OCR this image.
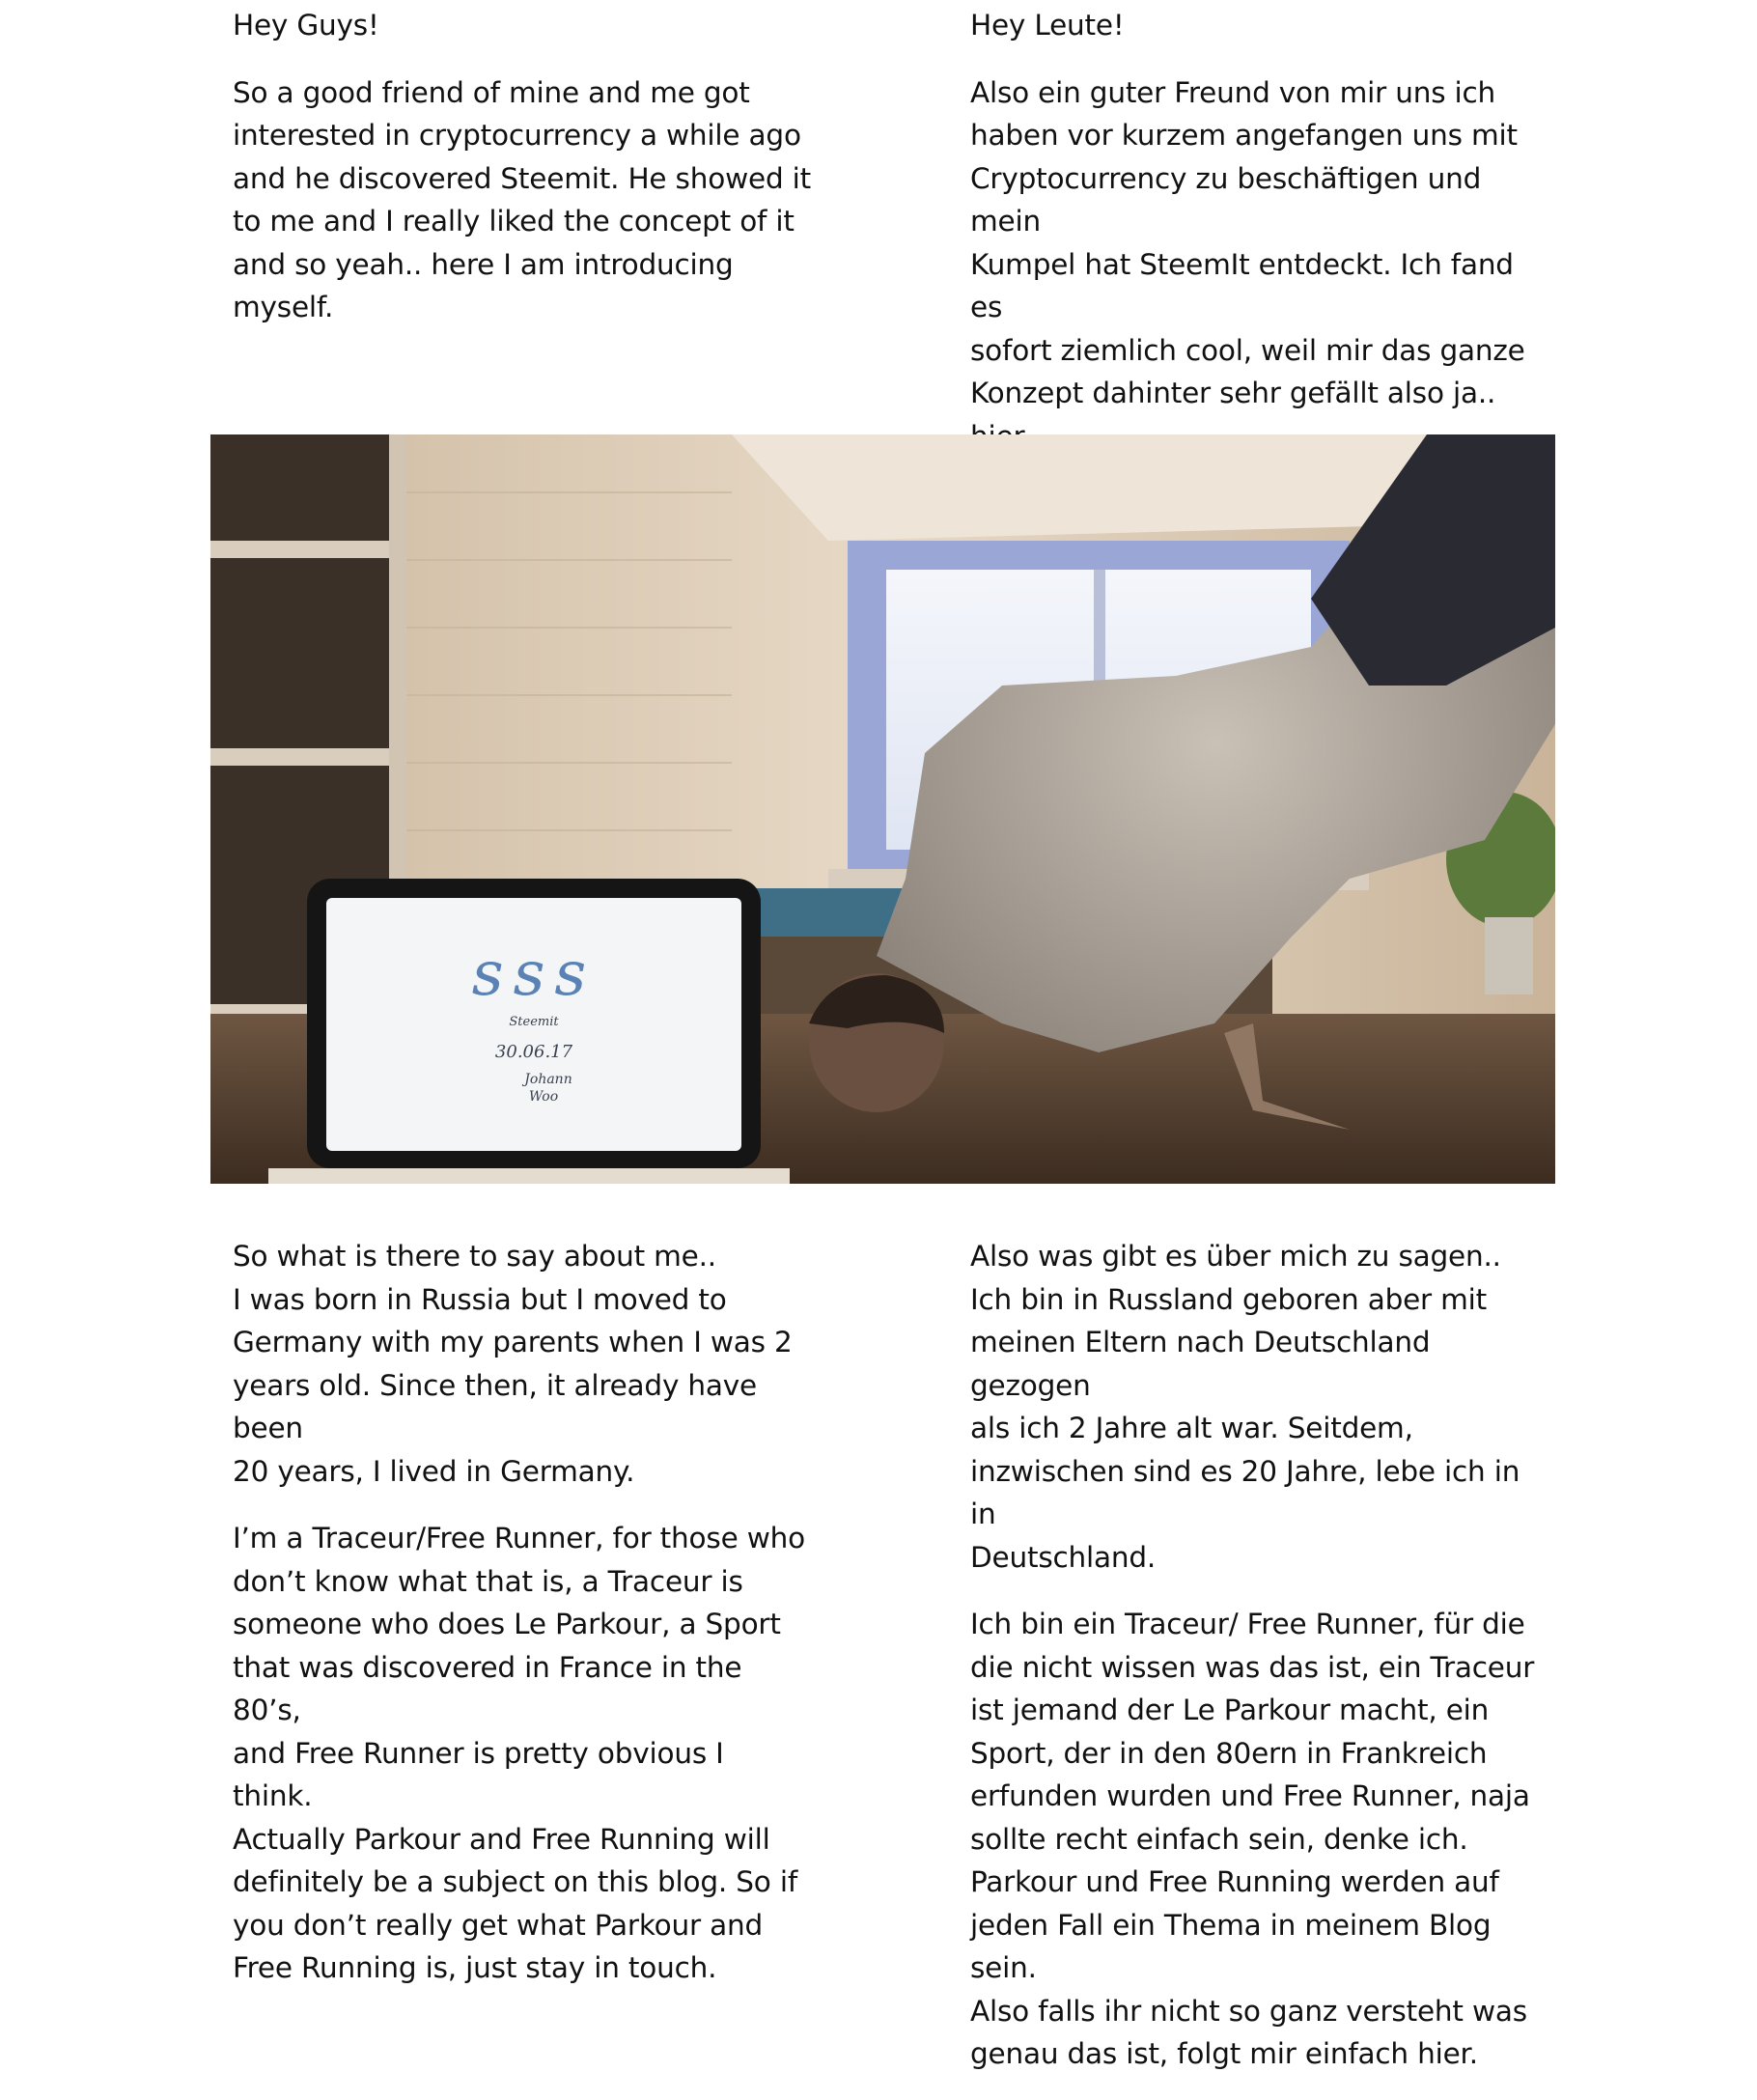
Hey Guys!

So a good friend of mine and me got
interested in cryptocurrency a while ago
and he discovered Steemit. He showed it
to me and I really liked the concept of it
and so yeah.. here I am introducing
myself.

Hey Leute!

Also ein guter Freund von mir uns ich
haben vor kurzem angefangen uns mit
Cryptocurrency zu beschäftigen und mein
Kumpel hat SteemIt entdeckt. Ich fand es
sofort ziemlich cool, weil mir das ganze
Konzept dahinter sehr gefällt also ja..

sss
Steemit
30.06.17
Johann
Woo

So what is there to say about me..
I was born in Russia but I moved to
Germany with my parents when I was 2
years old. Since then, it already have been
20 years, I lived in Germany.

I’m a Traceur/Free Runner, for those who
don’t know what that is, a Traceur is
someone who does Le Parkour, a Sport
that was discovered in France in the 80’s,
and Free Runner is pretty obvious I think.
Actually Parkour and Free Running will
definitely be a subject on this blog. So if
you don’t really get what Parkour and
Free Running is, just stay in touch.

Also was gibt es über mich zu sagen..
Ich bin in Russland geboren aber mit
meinen Eltern nach Deutschland gezogen
als ich 2 Jahre alt war. Seitdem,
inzwischen sind es 20 Jahre, lebe ich in in
Deutschland.

Ich bin ein Traceur/ Free Runner, für die
die nicht wissen was das ist, ein Traceur
ist jemand der Le Parkour macht, ein
Sport, der in den 80ern in Frankreich
erfunden wurden und Free Runner, naja
sollte recht einfach sein, denke ich.
Parkour und Free Running werden auf
jeden Fall ein Thema in meinem Blog sein.
Also falls ihr nicht so ganz versteht was
genau das ist, folgt mir einfach hier.
